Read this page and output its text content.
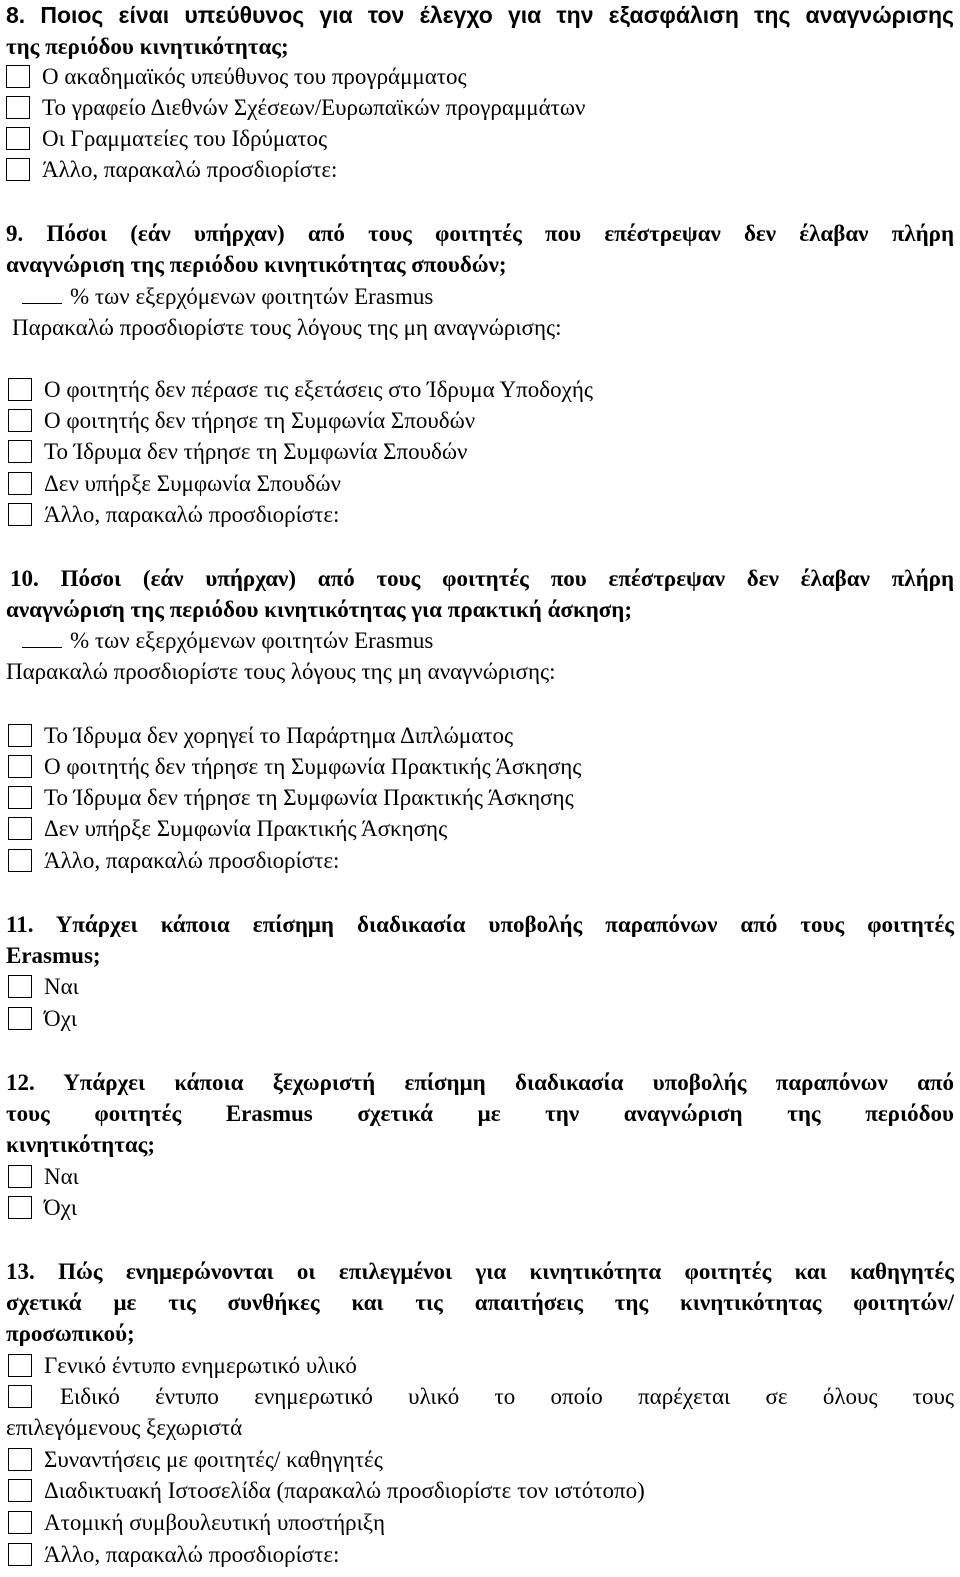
8. Ποιος είναι υπεύθυνος για τον έλεγχο για την εξασφάλιση της αναγνώρισης
της περιόδου κινητικότητας;
Ο ακαδημαϊκός υπεύθυνος του προγράμματος
Το γραφείο Διεθνών Σχέσεων/Ευρωπαϊκών προγραμμάτων
Οι Γραμματείες του Ιδρύματος
Άλλο, παρακαλώ προσδιορίστε:
9. Πόσοι (εάν υπήρχαν) από τους φοιτητές που επέστρεψαν δεν έλαβαν πλήρη
αναγνώριση της περιόδου κινητικότητας σπουδών;
% των εξερχόμενων φοιτητών Erasmus
Παρακαλώ προσδιορίστε τους λόγους της μη αναγνώρισης:
Ο φοιτητής δεν πέρασε τις εξετάσεις στο Ίδρυμα Υποδοχής
Ο φοιτητής δεν τήρησε τη Συμφωνία Σπουδών
Το Ίδρυμα δεν τήρησε τη Συμφωνία Σπουδών
Δεν υπήρξε Συμφωνία Σπουδών
Άλλο, παρακαλώ προσδιορίστε:
10. Πόσοι (εάν υπήρχαν) από τους φοιτητές που επέστρεψαν δεν έλαβαν πλήρη
αναγνώριση της περιόδου κινητικότητας για πρακτική άσκηση;
% των εξερχόμενων φοιτητών Erasmus
Παρακαλώ προσδιορίστε τους λόγους της μη αναγνώρισης:
Το Ίδρυμα δεν χορηγεί το Παράρτημα Διπλώματος
Ο φοιτητής δεν τήρησε τη Συμφωνία Πρακτικής Άσκησης
Το Ίδρυμα δεν τήρησε τη Συμφωνία Πρακτικής Άσκησης
Δεν υπήρξε Συμφωνία Πρακτικής Άσκησης
Άλλο, παρακαλώ προσδιορίστε:
11. Υπάρχει κάποια επίσημη διαδικασία υποβολής παραπόνων από τους φοιτητές
Erasmus;
Ναι
Όχι
12. Υπάρχει κάποια ξεχωριστή επίσημη διαδικασία υποβολής παραπόνων από
τους φοιτητές Erasmus σχετικά με την αναγνώριση της περιόδου
κινητικότητας;
Ναι
Όχι
13. Πώς ενημερώνονται οι επιλεγμένοι για κινητικότητα φοιτητές και καθηγητές
σχετικά με τις συνθήκες και τις απαιτήσεις της κινητικότητας φοιτητών/
προσωπικού;
Γενικό έντυπο ενημερωτικό υλικό
Ειδικό έντυπο ενημερωτικό υλικό το οποίο παρέχεται σε όλους τους
επιλεγόμενους ξεχωριστά
Συναντήσεις με φοιτητές/ καθηγητές
Διαδικτυακή Ιστοσελίδα (παρακαλώ προσδιορίστε τον ιστότοπο)
Ατομική συμβουλευτική υποστήριξη
Άλλο, παρακαλώ προσδιορίστε:
